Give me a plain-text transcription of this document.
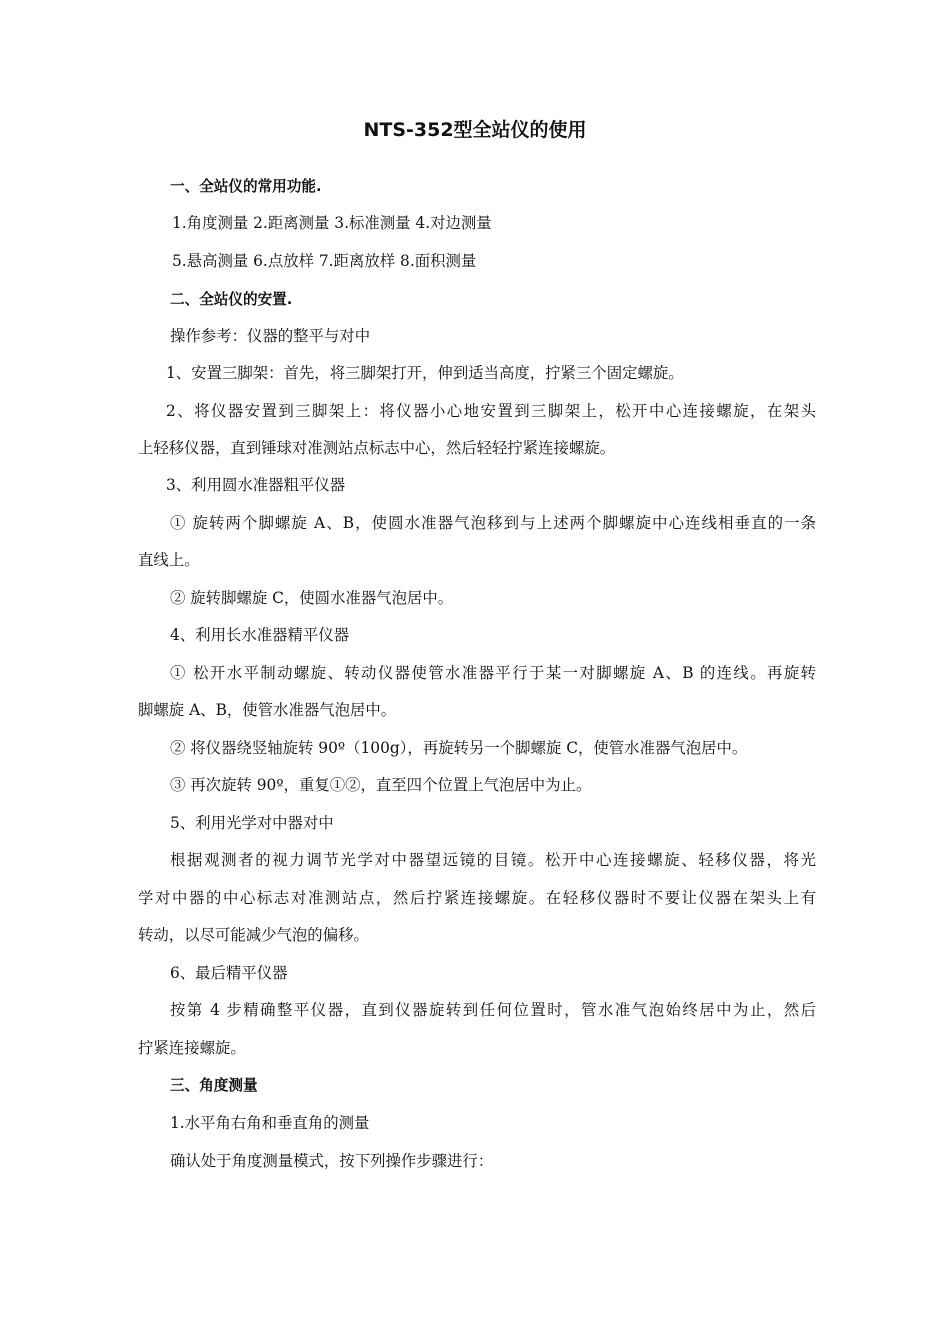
NTS-352型全站仪的使用
一、全站仪的常用功能.
1.角度测量 2.距离测量 3.标准测量 4.对边测量
5.悬高测量 6.点放样 7.距离放样 8.面积测量
二、全站仪的安置.
操作参考：仪器的整平与对中
1、安置三脚架：首先，将三脚架打开，伸到适当高度，拧紧三个固定螺旋。
2、将仪器安置到三脚架上：将仪器小心地安置到三脚架上，松开中心连接螺旋，在架头
上轻移仪器，直到锤球对准测站点标志中心，然后轻轻拧紧连接螺旋。
3、利用圆水准器粗平仪器
① 旋转两个脚螺旋 A、B，使圆水准器气泡移到与上述两个脚螺旋中心连线相垂直的一条
直线上。
② 旋转脚螺旋 C，使圆水准器气泡居中。
4、利用长水准器精平仪器
① 松开水平制动螺旋、转动仪器使管水准器平行于某一对脚螺旋 A、B 的连线。再旋转
脚螺旋 A、B，使管水准器气泡居中。
② 将仪器绕竖轴旋转 90º（100g），再旋转另一个脚螺旋 C，使管水准器气泡居中。
③ 再次旋转 90º，重复①②，直至四个位置上气泡居中为止。
5、利用光学对中器对中
根据观测者的视力调节光学对中器望远镜的目镜。松开中心连接螺旋、轻移仪器，将光
学对中器的中心标志对准测站点，然后拧紧连接螺旋。在轻移仪器时不要让仪器在架头上有
转动，以尽可能减少气泡的偏移。
6、最后精平仪器
按第 4 步精确整平仪器，直到仪器旋转到任何位置时，管水准气泡始终居中为止，然后
拧紧连接螺旋。
三、角度测量
1.水平角右角和垂直角的测量
确认处于角度测量模式，按下列操作步骤进行：
